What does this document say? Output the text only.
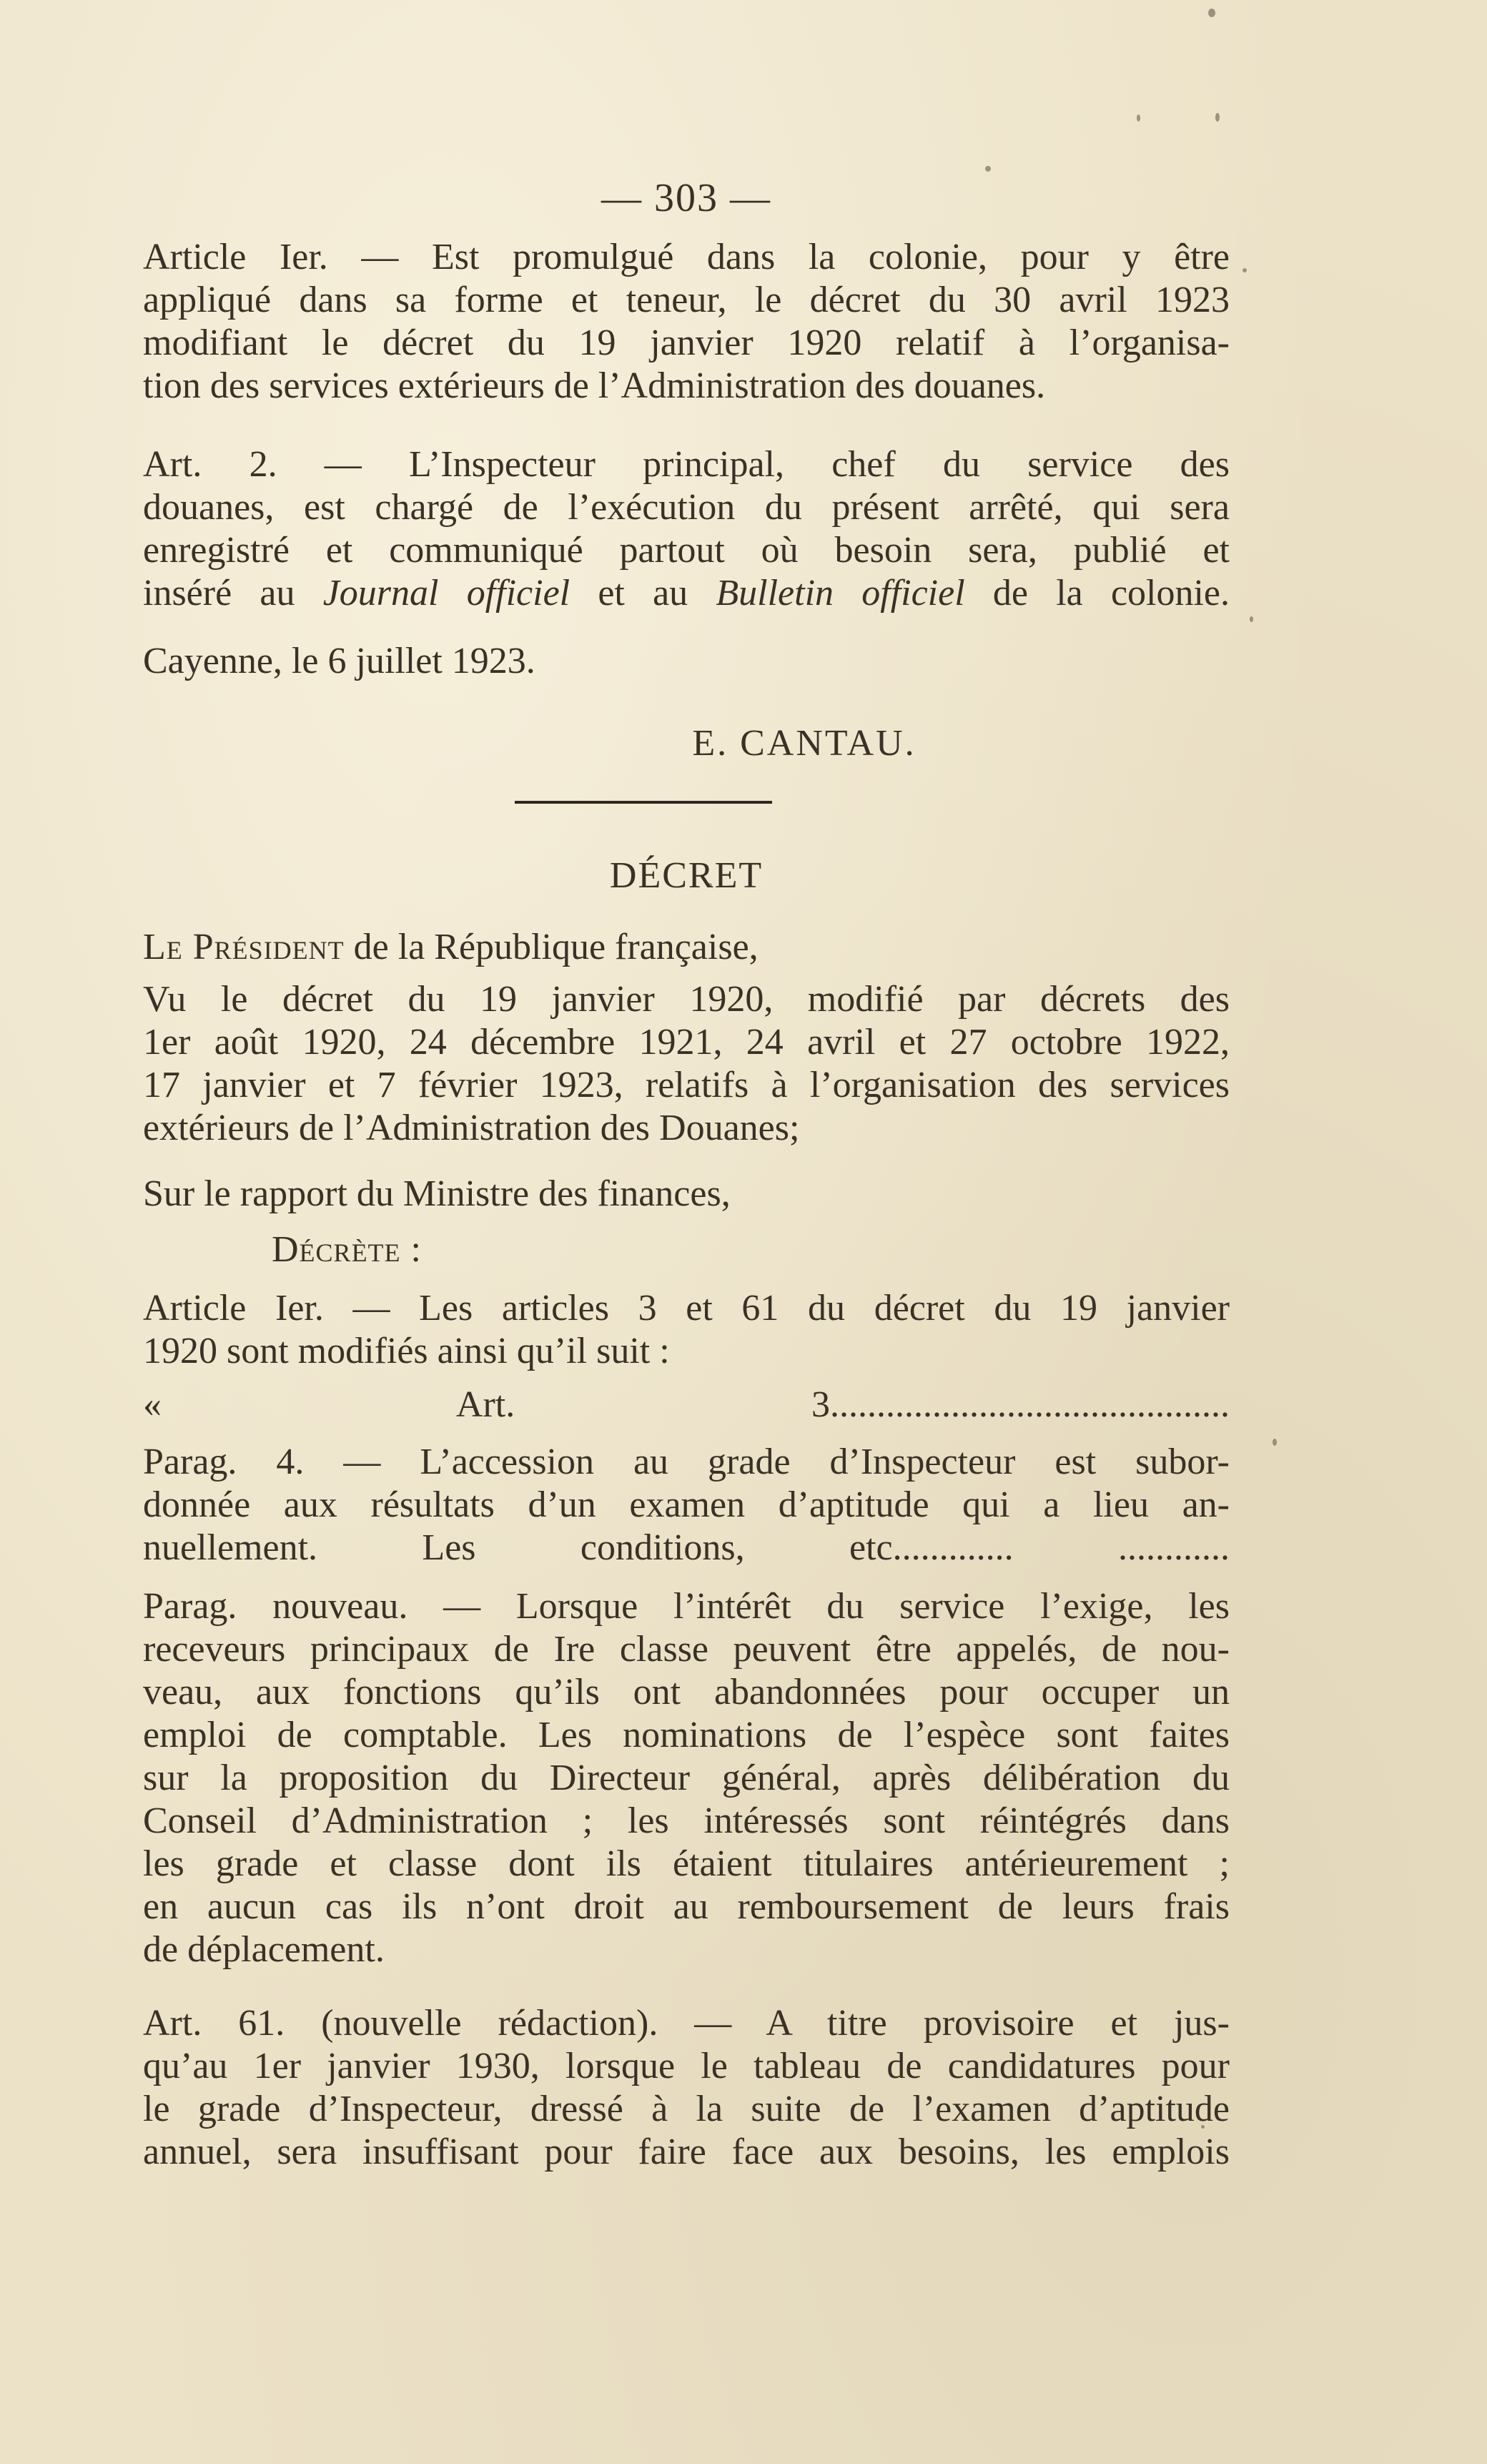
— 303 —
Article Ier. — Est promulgué dans la colonie, pour y être
appliqué dans sa forme et teneur, le décret du 30 avril 1923
modifiant le décret du 19 janvier 1920 relatif à l’organisa-
tion des services extérieurs de l’Administration des douanes.
Art. 2. — L’Inspecteur principal, chef du service des
douanes, est chargé de l’exécution du présent arrêté, qui sera
enregistré et communiqué partout où besoin sera, publié et
inséré au Journal officiel et au Bulletin officiel de la colonie.
Cayenne, le 6 juillet 1923.
E. CANTAU.
DÉCRET
Le Président de la République française,
Vu le décret du 19 janvier 1920, modifié par décrets des
1er août 1920, 24 décembre 1921, 24 avril et 27 octobre 1922,
17 janvier et 7 février 1923, relatifs à l’organisation des services
extérieurs de l’Administration des Douanes;
Sur le rapport du Ministre des finances,
Décrète :
Article Ier. — Les articles 3 et 61 du décret du 19 janvier
1920 sont modifiés ainsi qu’il suit :
« Art. 3...........................................
Parag. 4. — L’accession au grade d’Inspecteur est subor-
donnée aux résultats d’un examen d’aptitude qui a lieu an-
nuellement. Les conditions, etc............. ............
Parag. nouveau. — Lorsque l’intérêt du service l’exige, les
receveurs principaux de Ire classe peuvent être appelés, de nou-
veau, aux fonctions qu’ils ont abandonnées pour occuper un
emploi de comptable. Les nominations de l’espèce sont faites
sur la proposition du Directeur général, après délibération du
Conseil d’Administration ; les intéressés sont réintégrés dans
les grade et classe dont ils étaient titulaires antérieurement ;
en aucun cas ils n’ont droit au remboursement de leurs frais
de déplacement.
Art. 61. (nouvelle rédaction). — A titre provisoire et jus-
qu’au 1er janvier 1930, lorsque le tableau de candidatures pour
le grade d’Inspecteur, dressé à la suite de l’examen d’aptitude
annuel, sera insuffisant pour faire face aux besoins, les emplois
